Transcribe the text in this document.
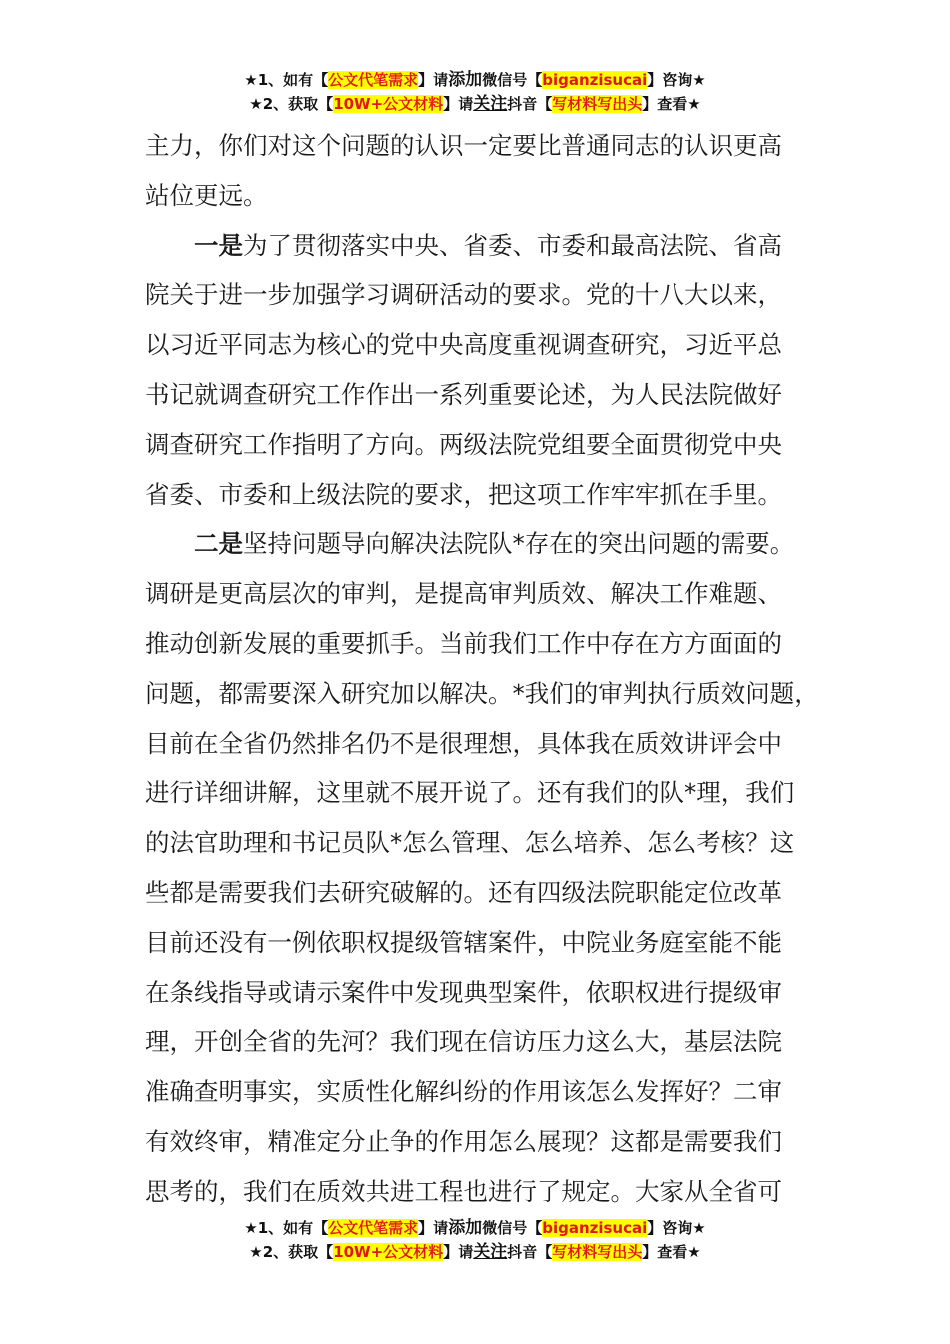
★1、如有【公文代笔需求】请添加微信号【biganzisucai】咨询★
★2、获取【10W+公文材料】请关注抖音【写材料写出头】查看★
主力，你们对这个问题的认识一定要比普通同志的认识更高
站位更远。
一是为了贯彻落实中央、省委、市委和最高法院、省高
院关于进一步加强学习调研活动的要求。党的十八大以来，
以习近平同志为核心的党中央高度重视调查研究，习近平总
书记就调查研究工作作出一系列重要论述，为人民法院做好
调查研究工作指明了方向。两级法院党组要全面贯彻党中央
省委、市委和上级法院的要求，把这项工作牢牢抓在手里。
二是坚持问题导向解决法院队*存在的突出问题的需要。
调研是更高层次的审判，是提高审判质效、解决工作难题、
推动创新发展的重要抓手。当前我们工作中存在方方面面的
问题，都需要深入研究加以解决。*我们的审判执行质效问题，
目前在全省仍然排名仍不是很理想，具体我在质效讲评会中
进行详细讲解，这里就不展开说了。还有我们的队*理，我们
的法官助理和书记员队*怎么管理、怎么培养、怎么考核？这
些都是需要我们去研究破解的。还有四级法院职能定位改革
目前还没有一例依职权提级管辖案件，中院业务庭室能不能
在条线指导或请示案件中发现典型案件，依职权进行提级审
理，开创全省的先河？我们现在信访压力这么大，基层法院
准确查明事实，实质性化解纠纷的作用该怎么发挥好？二审
有效终审，精准定分止争的作用怎么展现？这都是需要我们
思考的，我们在质效共进工程也进行了规定。大家从全省可
★1、如有【公文代笔需求】请添加微信号【biganzisucai】咨询★
★2、获取【10W+公文材料】请关注抖音【写材料写出头】查看★
